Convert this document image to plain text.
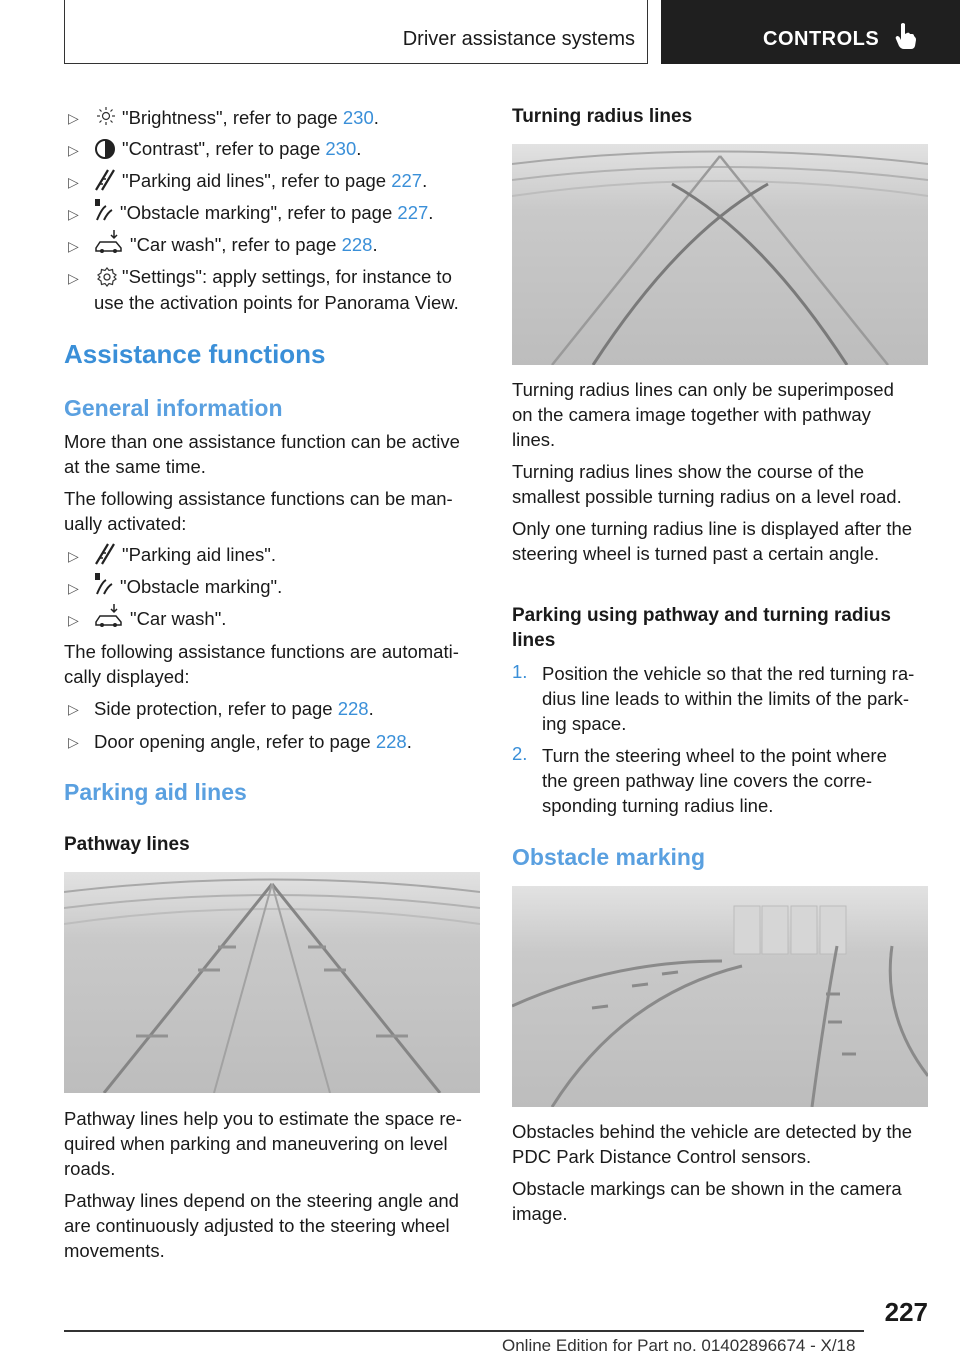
Driver assistance systems	CONTROLS
▷ "Brightness", refer to page 230.
▷ "Contrast", refer to page 230.
▷ "Parking aid lines", refer to page 227.
▷ "Obstacle marking", refer to page 227.
▷	"Car wash", refer to page 228.
▷ "Settings": apply settings, for instance to
use the activation points for Panorama View.
Assistance functions
General information
More than one assistance function can be active
at the same time.
The following assistance functions can be man‐
ually activated:
▷ "Parking aid lines".
▷ "Obstacle marking".
▷	"Car wash".
The following assistance functions are automati‐
cally displayed:
▷ Side protection, refer to page 228.
▷ Door opening angle, refer to page 228.
Parking aid lines
Pathway lines
Pathway lines help you to estimate the space re‐
quired when parking and maneuvering on level
roads.
Pathway lines depend on the steering angle and
are continuously adjusted to the steering wheel
movements.
Turning radius lines
Turning radius lines can only be superimposed
on the camera image together with pathway
lines.
Turning radius lines show the course of the
smallest possible turning radius on a level road.
Only one turning radius line is displayed after the
steering wheel is turned past a certain angle.
Parking using pathway and turning radius
lines
1. Position the vehicle so that the red turning ra‐
dius line leads to within the limits of the park‐
ing space.
2. Turn the steering wheel to the point where
the green pathway line covers the corre‐
sponding turning radius line.
Obstacle marking
Obstacles behind the vehicle are detected by the
PDC Park Distance Control sensors.
Obstacle markings can be shown in the camera
image.
227
Online Edition for Part no. 01402896674 - X/18
